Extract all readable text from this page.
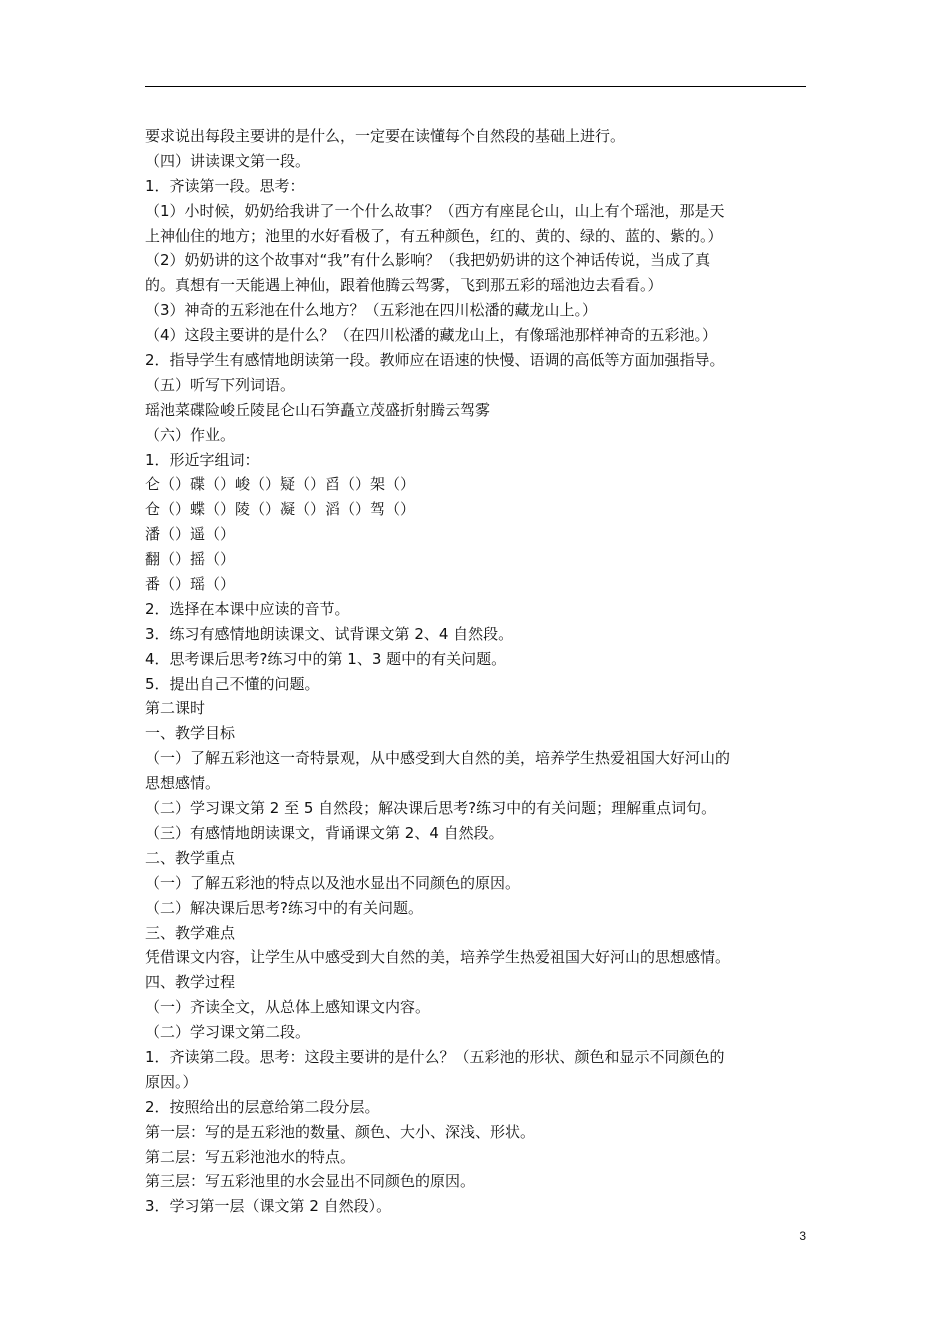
要求说出每段主要讲的是什么，一定要在读懂每个自然段的基础上进行。
（四）讲读课文第一段。
1．齐读第一段。思考：
（1）小时候，奶奶给我讲了一个什么故事？（西方有座昆仑山，山上有个瑶池，那是天
上神仙住的地方；池里的水好看极了，有五种颜色，红的、黄的、绿的、蓝的、紫的。）
（2）奶奶讲的这个故事对“我”有什么影响？（我把奶奶讲的这个神话传说，当成了真
的。真想有一天能遇上神仙，跟着他腾云驾雾，飞到那五彩的瑶池边去看看。）
（3）神奇的五彩池在什么地方？（五彩池在四川松潘的藏龙山上。）
（4）这段主要讲的是什么？（在四川松潘的藏龙山上，有像瑶池那样神奇的五彩池。）
2．指导学生有感情地朗读第一段。教师应在语速的快慢、语调的高低等方面加强指导。
（五）听写下列词语。
瑶池菜碟险峻丘陵昆仑山石笋矗立茂盛折射腾云驾雾
（六）作业。
1．形近字组词：
仑（）碟（）峻（）疑（）舀（）架（）
仓（）蝶（）陵（）凝（）滔（）驾（）
潘（）遥（）
翻（）摇（）
番（）瑶（）
2．选择在本课中应读的音节。
3．练习有感情地朗读课文、试背课文第 2、4 自然段。
4．思考课后思考?练习中的第 1、3 题中的有关问题。
5．提出自己不懂的问题。
第二课时
一、教学目标
（一）了解五彩池这一奇特景观，从中感受到大自然的美，培养学生热爱祖国大好河山的
思想感情。
（二）学习课文第 2 至 5 自然段；解决课后思考?练习中的有关问题；理解重点词句。
（三）有感情地朗读课文，背诵课文第 2、4 自然段。
二、教学重点
（一）了解五彩池的特点以及池水显出不同颜色的原因。
（二）解决课后思考?练习中的有关问题。
三、教学难点
凭借课文内容，让学生从中感受到大自然的美，培养学生热爱祖国大好河山的思想感情。
四、教学过程
（一）齐读全文，从总体上感知课文内容。
（二）学习课文第二段。
1．齐读第二段。思考：这段主要讲的是什么？（五彩池的形状、颜色和显示不同颜色的
原因。）
2．按照给出的层意给第二段分层。
第一层：写的是五彩池的数量、颜色、大小、深浅、形状。
第二层：写五彩池池水的特点。
第三层：写五彩池里的水会显出不同颜色的原因。
3．学习第一层（课文第 2 自然段）。
3
